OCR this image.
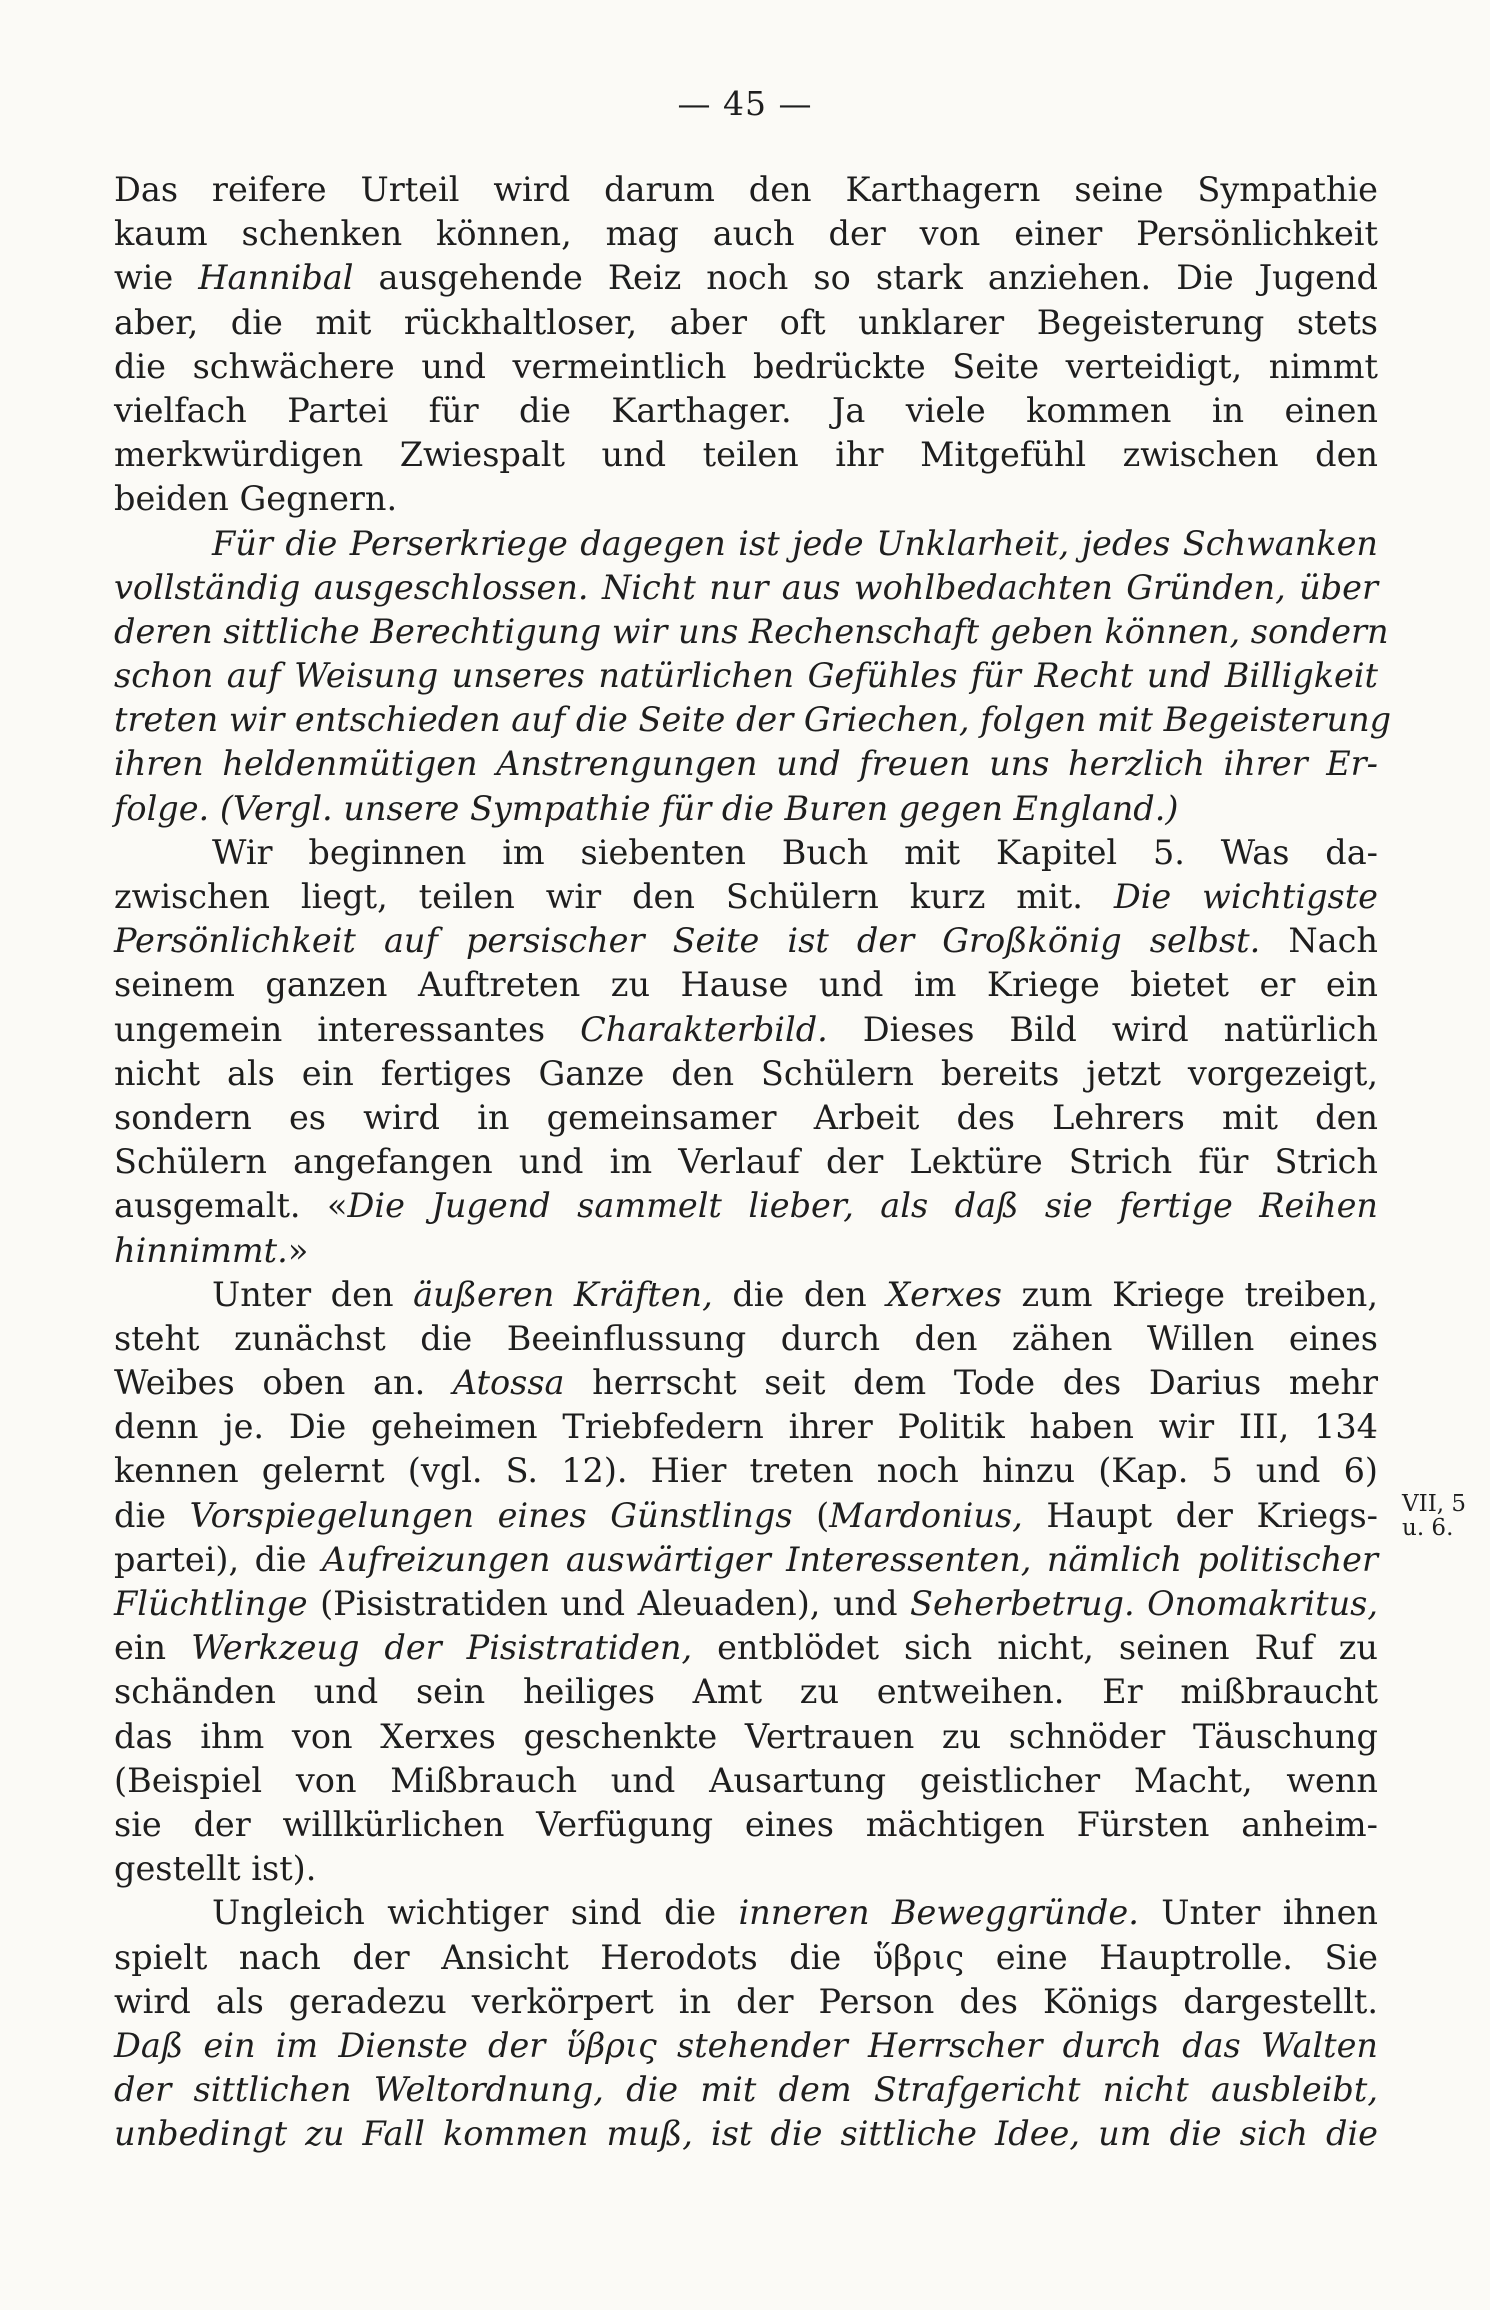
— 45 —
Das reifere Urteil wird darum den Karthagern seine Sympathie
kaum schenken können, mag auch der von einer Persönlichkeit
wie Hannibal ausgehende Reiz noch so stark anziehen. Die Jugend
aber, die mit rückhaltloser, aber oft unklarer Begeisterung stets
die schwächere und vermeintlich bedrückte Seite verteidigt, nimmt
vielfach Partei für die Karthager. Ja viele kommen in einen
merkwürdigen Zwiespalt und teilen ihr Mitgefühl zwischen den
beiden Gegnern.
Für die Perserkriege dagegen ist jede Unklarheit, jedes Schwanken
vollständig ausgeschlossen. Nicht nur aus wohlbedachten Gründen, über
deren sittliche Berechtigung wir uns Rechenschaft geben können, sondern
schon auf Weisung unseres natürlichen Gefühles für Recht und Billigkeit
treten wir entschieden auf die Seite der Griechen, folgen mit Begeisterung
ihren heldenmütigen Anstrengungen und freuen uns herzlich ihrer Er-
folge. (Vergl. unsere Sympathie für die Buren gegen England.)
Wir beginnen im siebenten Buch mit Kapitel 5. Was da-
zwischen liegt, teilen wir den Schülern kurz mit. Die wichtigste
Persönlichkeit auf persischer Seite ist der Großkönig selbst. Nach
seinem ganzen Auftreten zu Hause und im Kriege bietet er ein
ungemein interessantes Charakterbild. Dieses Bild wird natürlich
nicht als ein fertiges Ganze den Schülern bereits jetzt vorgezeigt,
sondern es wird in gemeinsamer Arbeit des Lehrers mit den
Schülern angefangen und im Verlauf der Lektüre Strich für Strich
ausgemalt. «Die Jugend sammelt lieber, als daß sie fertige Reihen
hinnimmt.»
Unter den äußeren Kräften, die den Xerxes zum Kriege treiben,
steht zunächst die Beeinflussung durch den zähen Willen eines
Weibes oben an. Atossa herrscht seit dem Tode des Darius mehr
denn je. Die geheimen Triebfedern ihrer Politik haben wir III, 134
kennen gelernt (vgl. S. 12). Hier treten noch hinzu (Kap. 5 und 6)
die Vorspiegelungen eines Günstlings (Mardonius, Haupt der Kriegs-
partei), die Aufreizungen auswärtiger Interessenten, nämlich politischer
Flüchtlinge (Pisistratiden und Aleuaden), und Seherbetrug. Onomakritus,
ein Werkzeug der Pisistratiden, entblödet sich nicht, seinen Ruf zu
schänden und sein heiliges Amt zu entweihen. Er mißbraucht
das ihm von Xerxes geschenkte Vertrauen zu schnöder Täuschung
(Beispiel von Mißbrauch und Ausartung geistlicher Macht, wenn
sie der willkürlichen Verfügung eines mächtigen Fürsten anheim-
gestellt ist).
Ungleich wichtiger sind die inneren Beweggründe. Unter ihnen
spielt nach der Ansicht Herodots die ὕβρις eine Hauptrolle. Sie
wird als geradezu verkörpert in der Person des Königs dargestellt.
Daß ein im Dienste der ὕβρις stehender Herrscher durch das Walten
der sittlichen Weltordnung, die mit dem Strafgericht nicht ausbleibt,
unbedingt zu Fall kommen muß, ist die sittliche Idee, um die sich die
VII, 5
u. 6.
